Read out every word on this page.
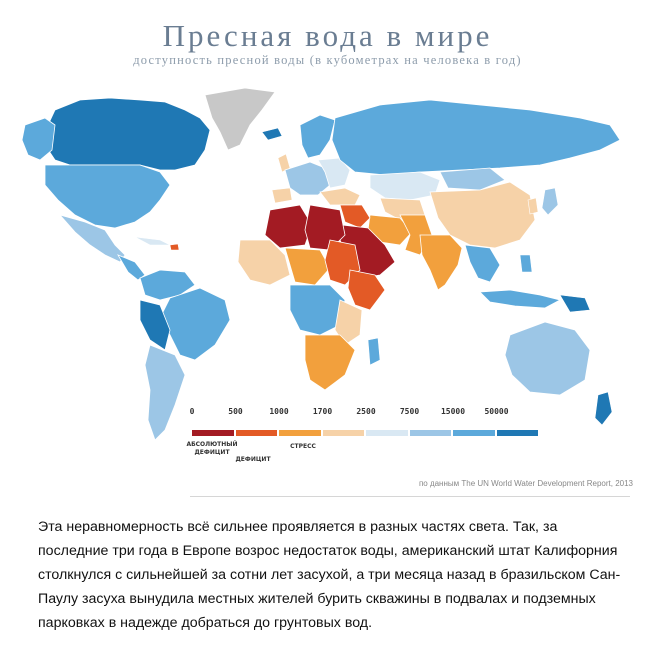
Пресная вода в мире
доступность пресной воды (в кубометрах на человека в год)
0	500	1000	1700	2500	7500	15000 50000
АБСОЛЮТНЫЙ
ДЕФИЦИТ
ДЕФИЦИТ
СТРЕСС
по данным The UN World Water Development Report, 2013
Эта неравномерность всё сильнее проявляется в разных частях света. Так, за последние три года в Европе возрос недостаток воды, американский штат Калифорния столкнулся с сильнейшей за сотни лет засухой, а три месяца назад в бразильском Сан-Паулу засуха вынудила местных жителей бурить скважины в подвалах и подземных парковках в надежде добраться до грунтовых вод.
